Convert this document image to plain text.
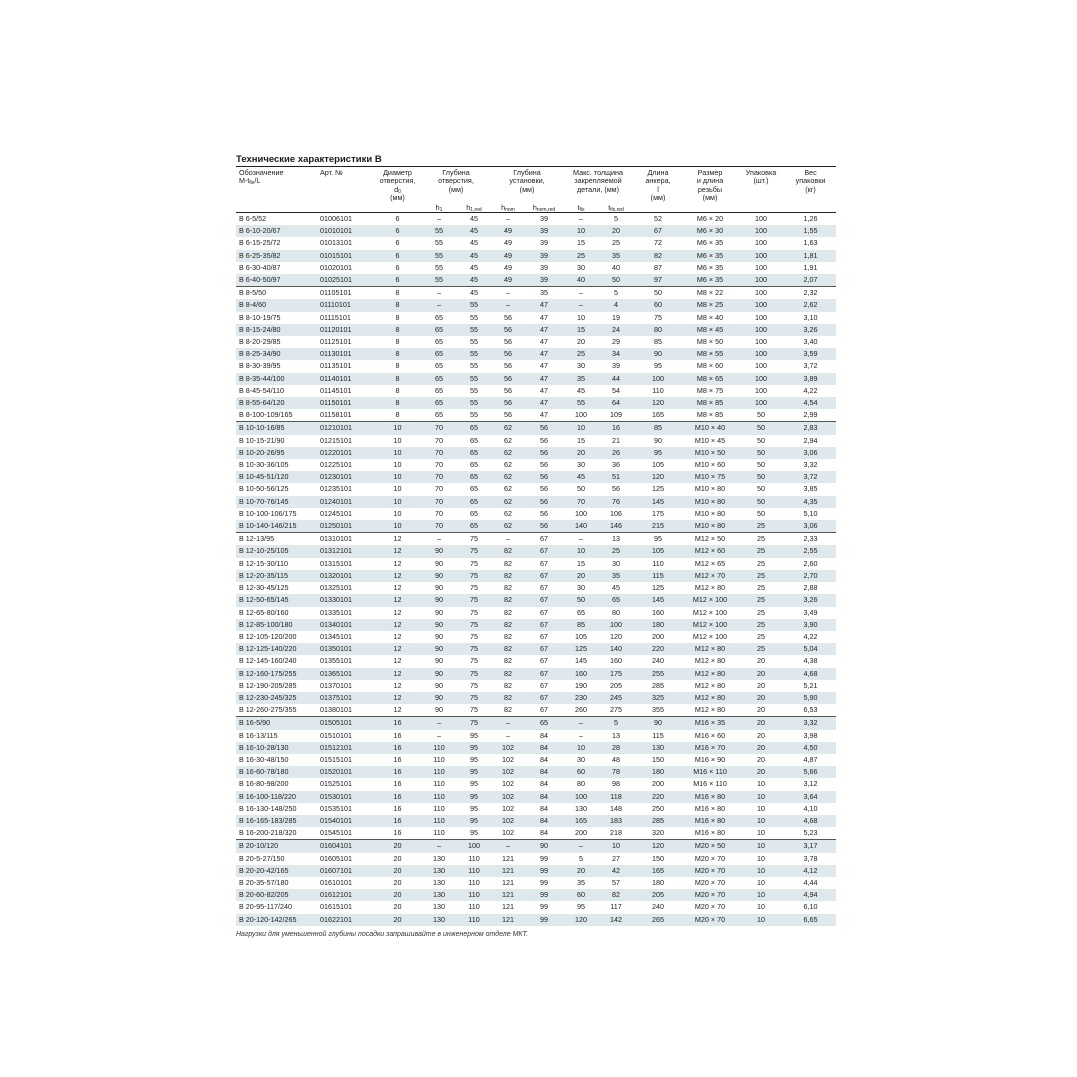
Технические характеристики B
Обозначение
$M-t_{fix}/L$	Арт. №	Диаметр
отверстия,
$d_0$
(мм)	Глубина
отверстия,
(мм)		Глубина
установки,
(мм)		Макс. толщина
закрепляемой
детали, (мм)		Длина
анкера,
l
(мм)	Размер
и длина
резьбы
(мм)	Упаковка
(шт.)	Вес
упаковки
(кг)
			$h_1$	$h_{1,red}$	$h_{nom}$	$h_{nom,red}$	$t_{fix}$	$t_{fix,red}$
B 6-5/52	01006101	6	–	45	–	39	–	5	52	M6 × 20	100	1,26
B 6-10-20/67	01010101	6	55	45	49	39	10	20	67	M6 × 30	100	1,55
B 6-15-25/72	01013101	6	55	45	49	39	15	25	72	M6 × 35	100	1,63
B 6-25-35/82	01015101	6	55	45	49	39	25	35	82	M6 × 35	100	1,81
B 6-30-40/87	01020101	6	55	45	49	39	30	40	87	M6 × 35	100	1,91
B 6-40-50/97	01025101	6	55	45	49	39	40	50	97	M6 × 35	100	2,07
B 8-5/50	01105101	8	–	45	–	35	–	5	50	M8 × 22	100	2,32
B 8-4/60	01110101	8	–	55	–	47	–	4	60	M8 × 25	100	2,62
B 8-10-19/75	01115101	8	65	55	56	47	10	19	75	M8 × 40	100	3,10
B 8-15-24/80	01120101	8	65	55	56	47	15	24	80	M8 × 45	100	3,26
B 8-20-29/85	01125101	8	65	55	56	47	20	29	85	M8 × 50	100	3,40
B 8-25-34/90	01130101	8	65	55	56	47	25	34	90	M8 × 55	100	3,59
B 8-30-39/95	01135101	8	65	55	56	47	30	39	95	M8 × 60	100	3,72
B 8-35-44/100	01140101	8	65	55	56	47	35	44	100	M8 × 65	100	3,89
B 8-45-54/110	01145101	8	65	55	56	47	45	54	110	M8 × 75	100	4,22
B 8-55-64/120	01150101	8	65	55	56	47	55	64	120	M8 × 85	100	4,54
B 8-100-109/165	01158101	8	65	55	56	47	100	109	165	M8 × 85	50	2,99
B 10-10-16/85	01210101	10	70	65	62	56	10	16	85	M10 × 40	50	2,83
B 10-15-21/90	01215101	10	70	65	62	56	15	21	90	M10 × 45	50	2,94
B 10-20-26/95	01220101	10	70	65	62	56	20	26	95	M10 × 50	50	3,06
B 10-30-36/105	01225101	10	70	65	62	56	30	36	105	M10 × 60	50	3,32
B 10-45-51/120	01230101	10	70	65	62	56	45	51	120	M10 × 75	50	3,72
B 10-50-56/125	01235101	10	70	65	62	56	50	56	125	M10 × 80	50	3,85
B 10-70-76/145	01240101	10	70	65	62	56	70	76	145	M10 × 80	50	4,35
B 10-100-106/175	01245101	10	70	65	62	56	100	106	175	M10 × 80	50	5,10
B 10-140-146/215	01250101	10	70	65	62	56	140	146	215	M10 × 80	25	3,06
B 12-13/95	01310101	12	–	75	–	67	–	13	95	M12 × 50	25	2,33
B 12-10-25/105	01312101	12	90	75	82	67	10	25	105	M12 × 60	25	2,55
B 12-15-30/110	01315101	12	90	75	82	67	15	30	110	M12 × 65	25	2,60
B 12-20-35/115	01320101	12	90	75	82	67	20	35	115	M12 × 70	25	2,70
B 12-30-45/125	01325101	12	90	75	82	67	30	45	125	M12 × 80	25	2,88
B 12-50-65/145	01330101	12	90	75	82	67	50	65	145	M12 × 100	25	3,26
B 12-65-80/160	01335101	12	90	75	82	67	65	80	160	M12 × 100	25	3,49
B 12-85-100/180	01340101	12	90	75	82	67	85	100	180	M12 × 100	25	3,90
B 12-105-120/200	01345101	12	90	75	82	67	105	120	200	M12 × 100	25	4,22
B 12-125-140/220	01350101	12	90	75	82	67	125	140	220	M12 × 80	25	5,04
B 12-145-160/240	01355101	12	90	75	82	67	145	160	240	M12 × 80	20	4,38
B 12-160-175/255	01365101	12	90	75	82	67	160	175	255	M12 × 80	20	4,68
B 12-190-205/285	01370101	12	90	75	82	67	190	205	285	M12 × 80	20	5,21
B 12-230-245/325	01375101	12	90	75	82	67	230	245	325	M12 × 80	20	5,90
B 12-260-275/355	01380101	12	90	75	82	67	260	275	355	M12 × 80	20	6,53
B 16-5/90	01505101	16	–	75	–	65	–	5	90	M16 × 35	20	3,32
B 16-13/115	01510101	16	–	95	–	84	–	13	115	M16 × 60	20	3,98
B 16-10-28/130	01512101	16	110	95	102	84	10	28	130	M16 × 70	20	4,50
B 16-30-48/150	01515101	16	110	95	102	84	30	48	150	M16 × 90	20	4,87
B 16-60-78/180	01520101	16	110	95	102	84	60	78	180	M16 × 110	20	5,66
B 16-80-98/200	01525101	16	110	95	102	84	80	98	200	M16 × 110	10	3,12
B 16-100-118/220	01530101	16	110	95	102	84	100	118	220	M16 × 80	10	3,64
B 16-130-148/250	01535101	16	110	95	102	84	130	148	250	M16 × 80	10	4,10
B 16-165-183/285	01540101	16	110	95	102	84	165	183	285	M16 × 80	10	4,68
B 16-200-218/320	01545101	16	110	95	102	84	200	218	320	M16 × 80	10	5,23
B 20-10/120	01604101	20	–	100	–	90	–	10	120	M20 × 50	10	3,17
B 20-5-27/150	01605101	20	130	110	121	99	5	27	150	M20 × 70	10	3,78
B 20-20-42/165	01607101	20	130	110	121	99	20	42	165	M20 × 70	10	4,12
B 20-35-57/180	01610101	20	130	110	121	99	35	57	180	M20 × 70	10	4,44
B 20-60-82/205	01612101	20	130	110	121	99	60	82	205	M20 × 70	10	4,94
B 20-95-117/240	01615101	20	130	110	121	99	95	117	240	M20 × 70	10	6,10
B 20-120-142/265	01622101	20	130	110	121	99	120	142	265	M20 × 70	10	6,65
Нагрузки для уменьшенной глубины посадки запрашивайте в инженерном отделе МКТ.
